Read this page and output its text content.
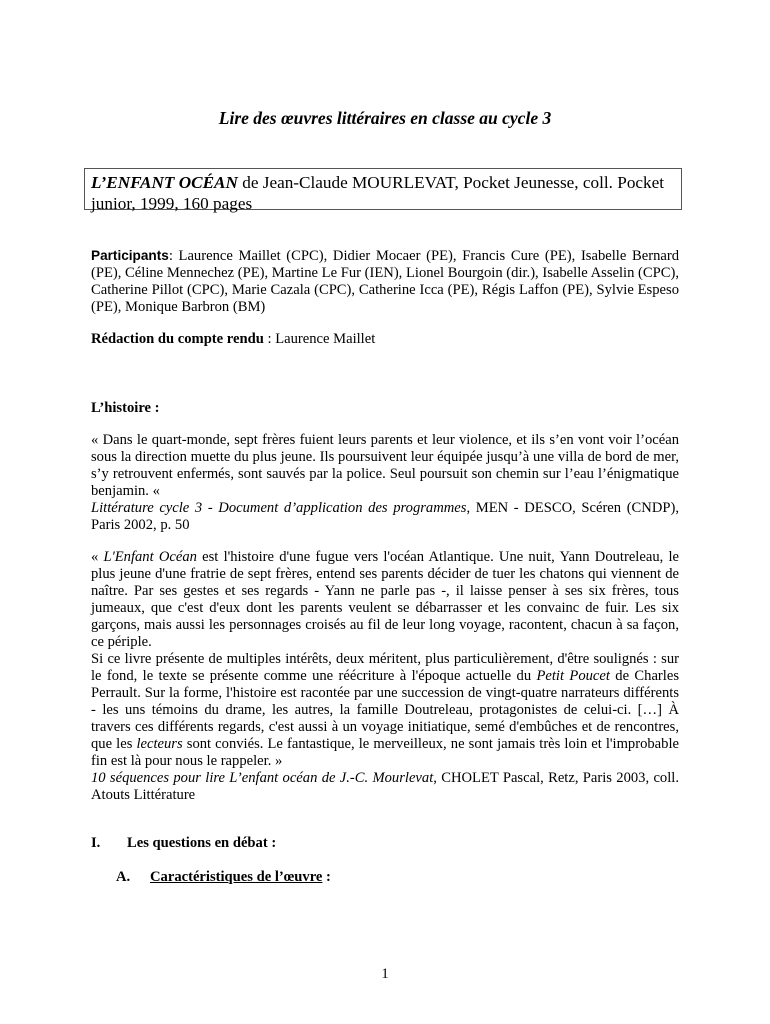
Lire des œuvres littéraires en classe au cycle 3
L’ENFANT OCÉAN de Jean-Claude MOURLEVAT, Pocket Jeunesse, coll. Pocket junior, 1999, 160 pages
Participants: Laurence Maillet (CPC), Didier Mocaer (PE), Francis Cure (PE), Isabelle Bernard (PE), Céline Mennechez (PE), Martine Le Fur (IEN), Lionel Bourgoin (dir.), Isabelle Asselin (CPC), Catherine Pillot (CPC), Marie Cazala (CPC), Catherine Icca (PE), Régis Laffon (PE), Sylvie Espeso (PE), Monique Barbron (BM)
Rédaction du compte rendu : Laurence Maillet
L’histoire :
« Dans le quart-monde, sept frères fuient leurs parents et leur violence, et ils s’en vont voir l’océan sous la direction muette du plus jeune. Ils poursuivent leur équipée jusqu’à une villa de bord de mer, s’y retrouvent enfermés, sont sauvés par la police. Seul poursuit son chemin sur l’eau l’énigmatique benjamin. «
Littérature cycle 3 - Document d’application des programmes, MEN - DESCO, Scéren (CNDP), Paris 2002, p. 50
« L'Enfant Océan est l'histoire d'une fugue vers l'océan Atlantique. Une nuit, Yann Doutreleau, le plus jeune d'une fratrie de sept frères, entend ses parents décider de tuer les chatons qui viennent de naître. Par ses gestes et ses regards - Yann ne parle pas -, il laisse penser à ses six frères, tous jumeaux, que c'est d'eux dont les parents veulent se débarrasser et les convainc de fuir. Les six garçons, mais aussi les personnages croisés au fil de leur long voyage, racontent, chacun à sa façon, ce périple.
Si ce livre présente de multiples intérêts, deux méritent, plus particulièrement, d'être soulignés : sur le fond, le texte se présente comme une réécriture à l'époque actuelle du Petit Poucet de Charles Perrault. Sur la forme, l'histoire est racontée par une succession de vingt-quatre narrateurs différents - les uns témoins du drame, les autres, la famille Doutreleau, protagonistes de celui-ci. […] À travers ces différents regards, c'est aussi à un voyage initiatique, semé d'embûches et de rencontres, que les lecteurs sont conviés. Le fantastique, le merveilleux, ne sont jamais très loin et l'improbable fin est là pour nous le rappeler. »
10 séquences pour lire L’enfant océan de J.-C. Mourlevat, CHOLET Pascal, Retz, Paris 2003, coll. Atouts Littérature
I. Les questions en débat :
A. Caractéristiques de l’œuvre :
1
